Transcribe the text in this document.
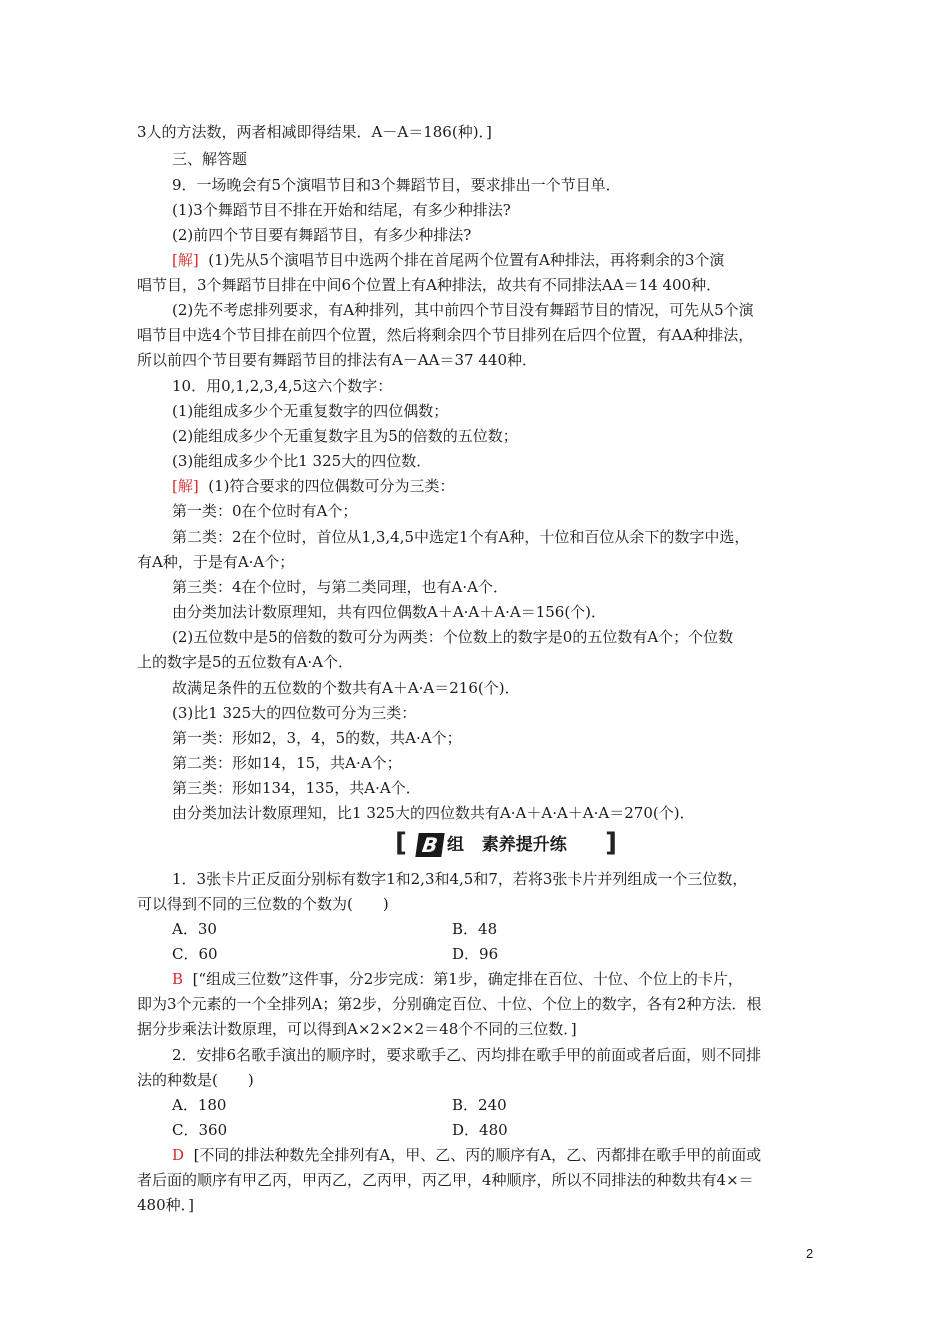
3人的方法数，两者相减即得结果．A－A＝186(种)．]
三、解答题
9．一场晚会有5个演唱节目和3个舞蹈节目，要求排出一个节目单．
(1)3个舞蹈节目不排在开始和结尾，有多少种排法?
(2)前四个节目要有舞蹈节目，有多少种排法?
[解]  (1)先从5个演唱节目中选两个排在首尾两个位置有A种排法，再将剩余的3个演
唱节目，3个舞蹈节目排在中间6个位置上有A种排法，故共有不同排法AA＝14 400种．
(2)先不考虑排列要求，有A种排列，其中前四个节目没有舞蹈节目的情况，可先从5个演
唱节目中选4个节目排在前四个位置，然后将剩余四个节目排列在后四个位置，有AA种排法，
所以前四个节目要有舞蹈节目的排法有A－AA＝37 440种．
10．用0,1,2,3,4,5这六个数字：
(1)能组成多少个无重复数字的四位偶数；
(2)能组成多少个无重复数字且为5的倍数的五位数；
(3)能组成多少个比1 325大的四位数．
[解]  (1)符合要求的四位偶数可分为三类：
第一类：0在个位时有A个；
第二类：2在个位时，首位从1,3,4,5中选定1个有A种，十位和百位从余下的数字中选，
有A种，于是有A·A个；
第三类：4在个位时，与第二类同理，也有A·A个．
由分类加法计数原理知，共有四位偶数A＋A·A＋A·A＝156(个)．
(2)五位数中是5的倍数的数可分为两类：个位数上的数字是0的五位数有A个；个位数
上的数字是5的五位数有A·A个．
故满足条件的五位数的个数共有A＋A·A＝216(个)．
(3)比1 325大的四位数可分为三类：
第一类：形如2，3，4，5的数，共A·A个；
第二类：形如14，15，共A·A个；
第三类：形如134，135，共A·A个．
由分类加法计数原理知，比1 325大的四位数共有A·A＋A·A＋A·A＝270(个)．
[ B 组   素养提升练 ]
1．3张卡片正反面分别标有数字1和2,3和4,5和7，若将3张卡片并列组成一个三位数，
可以得到不同的三位数的个数为(　　)
A．30	B．48
C．60	D．96
B  [“组成三位数”这件事，分2步完成：第1步，确定排在百位、十位、个位上的卡片，
即为3个元素的一个全排列A；第2步，分别确定百位、十位、个位上的数字，各有2种方法．根
据分步乘法计数原理，可以得到A×2×2×2＝48个不同的三位数．]
2．安排6名歌手演出的顺序时，要求歌手乙、丙均排在歌手甲的前面或者后面，则不同排
法的种数是(　　)
A．180	B．240
C．360	D．480
D  [不同的排法种数先全排列有A，甲、乙、丙的顺序有A，乙、丙都排在歌手甲的前面或
者后面的顺序有甲乙丙，甲丙乙，乙丙甲，丙乙甲，4种顺序，所以不同排法的种数共有4×＝
480种．]
2
